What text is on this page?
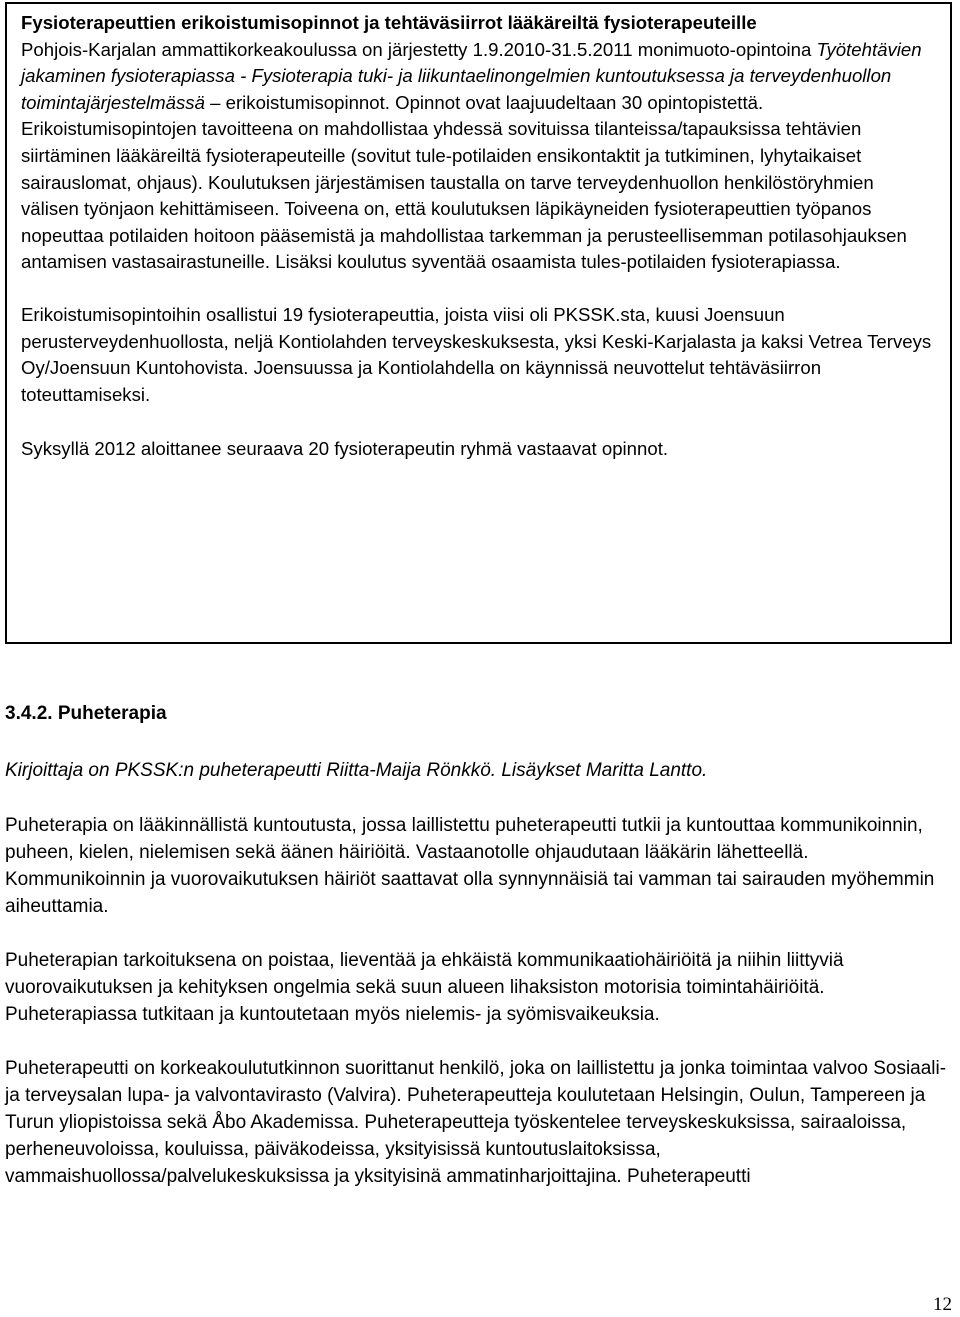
Fysioterapeuttien erikoistumisopinnot ja tehtäväsiirrot lääkäreiltä fysioterapeuteille

Pohjois-Karjalan ammattikorkeakoulussa on järjestetty 1.9.2010-31.5.2011 monimuoto-opintoina Työtehtävien jakaminen fysioterapiassa - Fysioterapia tuki- ja liikuntaelinongelmien kuntoutuksessa ja terveydenhuollon toimintajärjestelmässä – erikoistumisopinnot. Opinnot ovat laajuudeltaan 30 opintopistettä. Erikoistumisopintojen tavoitteena on mahdollistaa yhdessä sovituissa tilanteissa/tapauksissa tehtävien siirtäminen lääkäreiltä fysioterapeuteille (sovitut tule-potilaiden ensikontaktit ja tutkiminen, lyhytaikaiset sairauslomat, ohjaus). Koulutuksen järjestämisen taustalla on tarve terveydenhuollon henkilöstöryhmien välisen työnjaon kehittämiseen. Toiveena on, että koulutuksen läpikäyneiden fysioterapeuttien työpanos nopeuttaa potilaiden hoitoon pääsemistä ja mahdollistaa tarkemman ja perusteellisemman potilasohjauksen antamisen vastasairastuneille. Lisäksi koulutus syventää osaamista tules-potilaiden fysioterapiassa.

Erikoistumisopintoihin osallistui 19 fysioterapeuttia, joista viisi oli PKSSK.sta, kuusi Joensuun perusterveydenhuollosta, neljä Kontiolahden terveyskeskuksesta, yksi Keski-Karjalasta ja kaksi Vetrea Terveys Oy/Joensuun Kuntohovista. Joensuussa ja Kontiolahdella on käynnissä neuvottelut tehtäväsiirron toteuttamiseksi.

Syksyllä 2012 aloittanee seuraava 20 fysioterapeutin ryhmä vastaavat opinnot.

3.4.2. Puheterapia

Kirjoittaja on PKSSK:n puheterapeutti Riitta-Maija Rönkkö. Lisäykset Maritta Lantto.

Puheterapia on lääkinnällistä kuntoutusta, jossa laillistettu puheterapeutti tutkii ja kuntouttaa kommunikoinnin, puheen, kielen, nielemisen sekä äänen häiriöitä. Vastaanotolle ohjaudutaan lääkärin lähetteellä. Kommunikoinnin ja vuorovaikutuksen häiriöt saattavat olla synnynnäisiä tai vamman tai sairauden myöhemmin aiheuttamia.

Puheterapian tarkoituksena on poistaa, lieventää ja ehkäistä kommunikaatiohäiriöitä ja niihin liittyviä vuorovaikutuksen ja kehityksen ongelmia sekä suun alueen lihaksiston motorisia toimintahäiriöitä. Puheterapiassa tutkitaan ja kuntoutetaan myös nielemis- ja syömisvaikeuksia.

Puheterapeutti on korkeakoulututkinnon suorittanut henkilö, joka on laillistettu ja jonka toimintaa valvoo Sosiaali- ja terveysalan lupa- ja valvontavirasto (Valvira). Puheterapeutteja koulutetaan Helsingin, Oulun, Tampereen ja Turun yliopistoissa sekä Åbo Akademissa. Puheterapeutteja työskentelee terveyskeskuksissa, sairaaloissa, perheneuvoloissa, kouluissa, päiväkodeissa, yksityisissä kuntoutuslaitoksissa, vammaishuollossa/palvelukeskuksissa ja yksityisinä ammatinharjoittajina. Puheterapeutti

12
